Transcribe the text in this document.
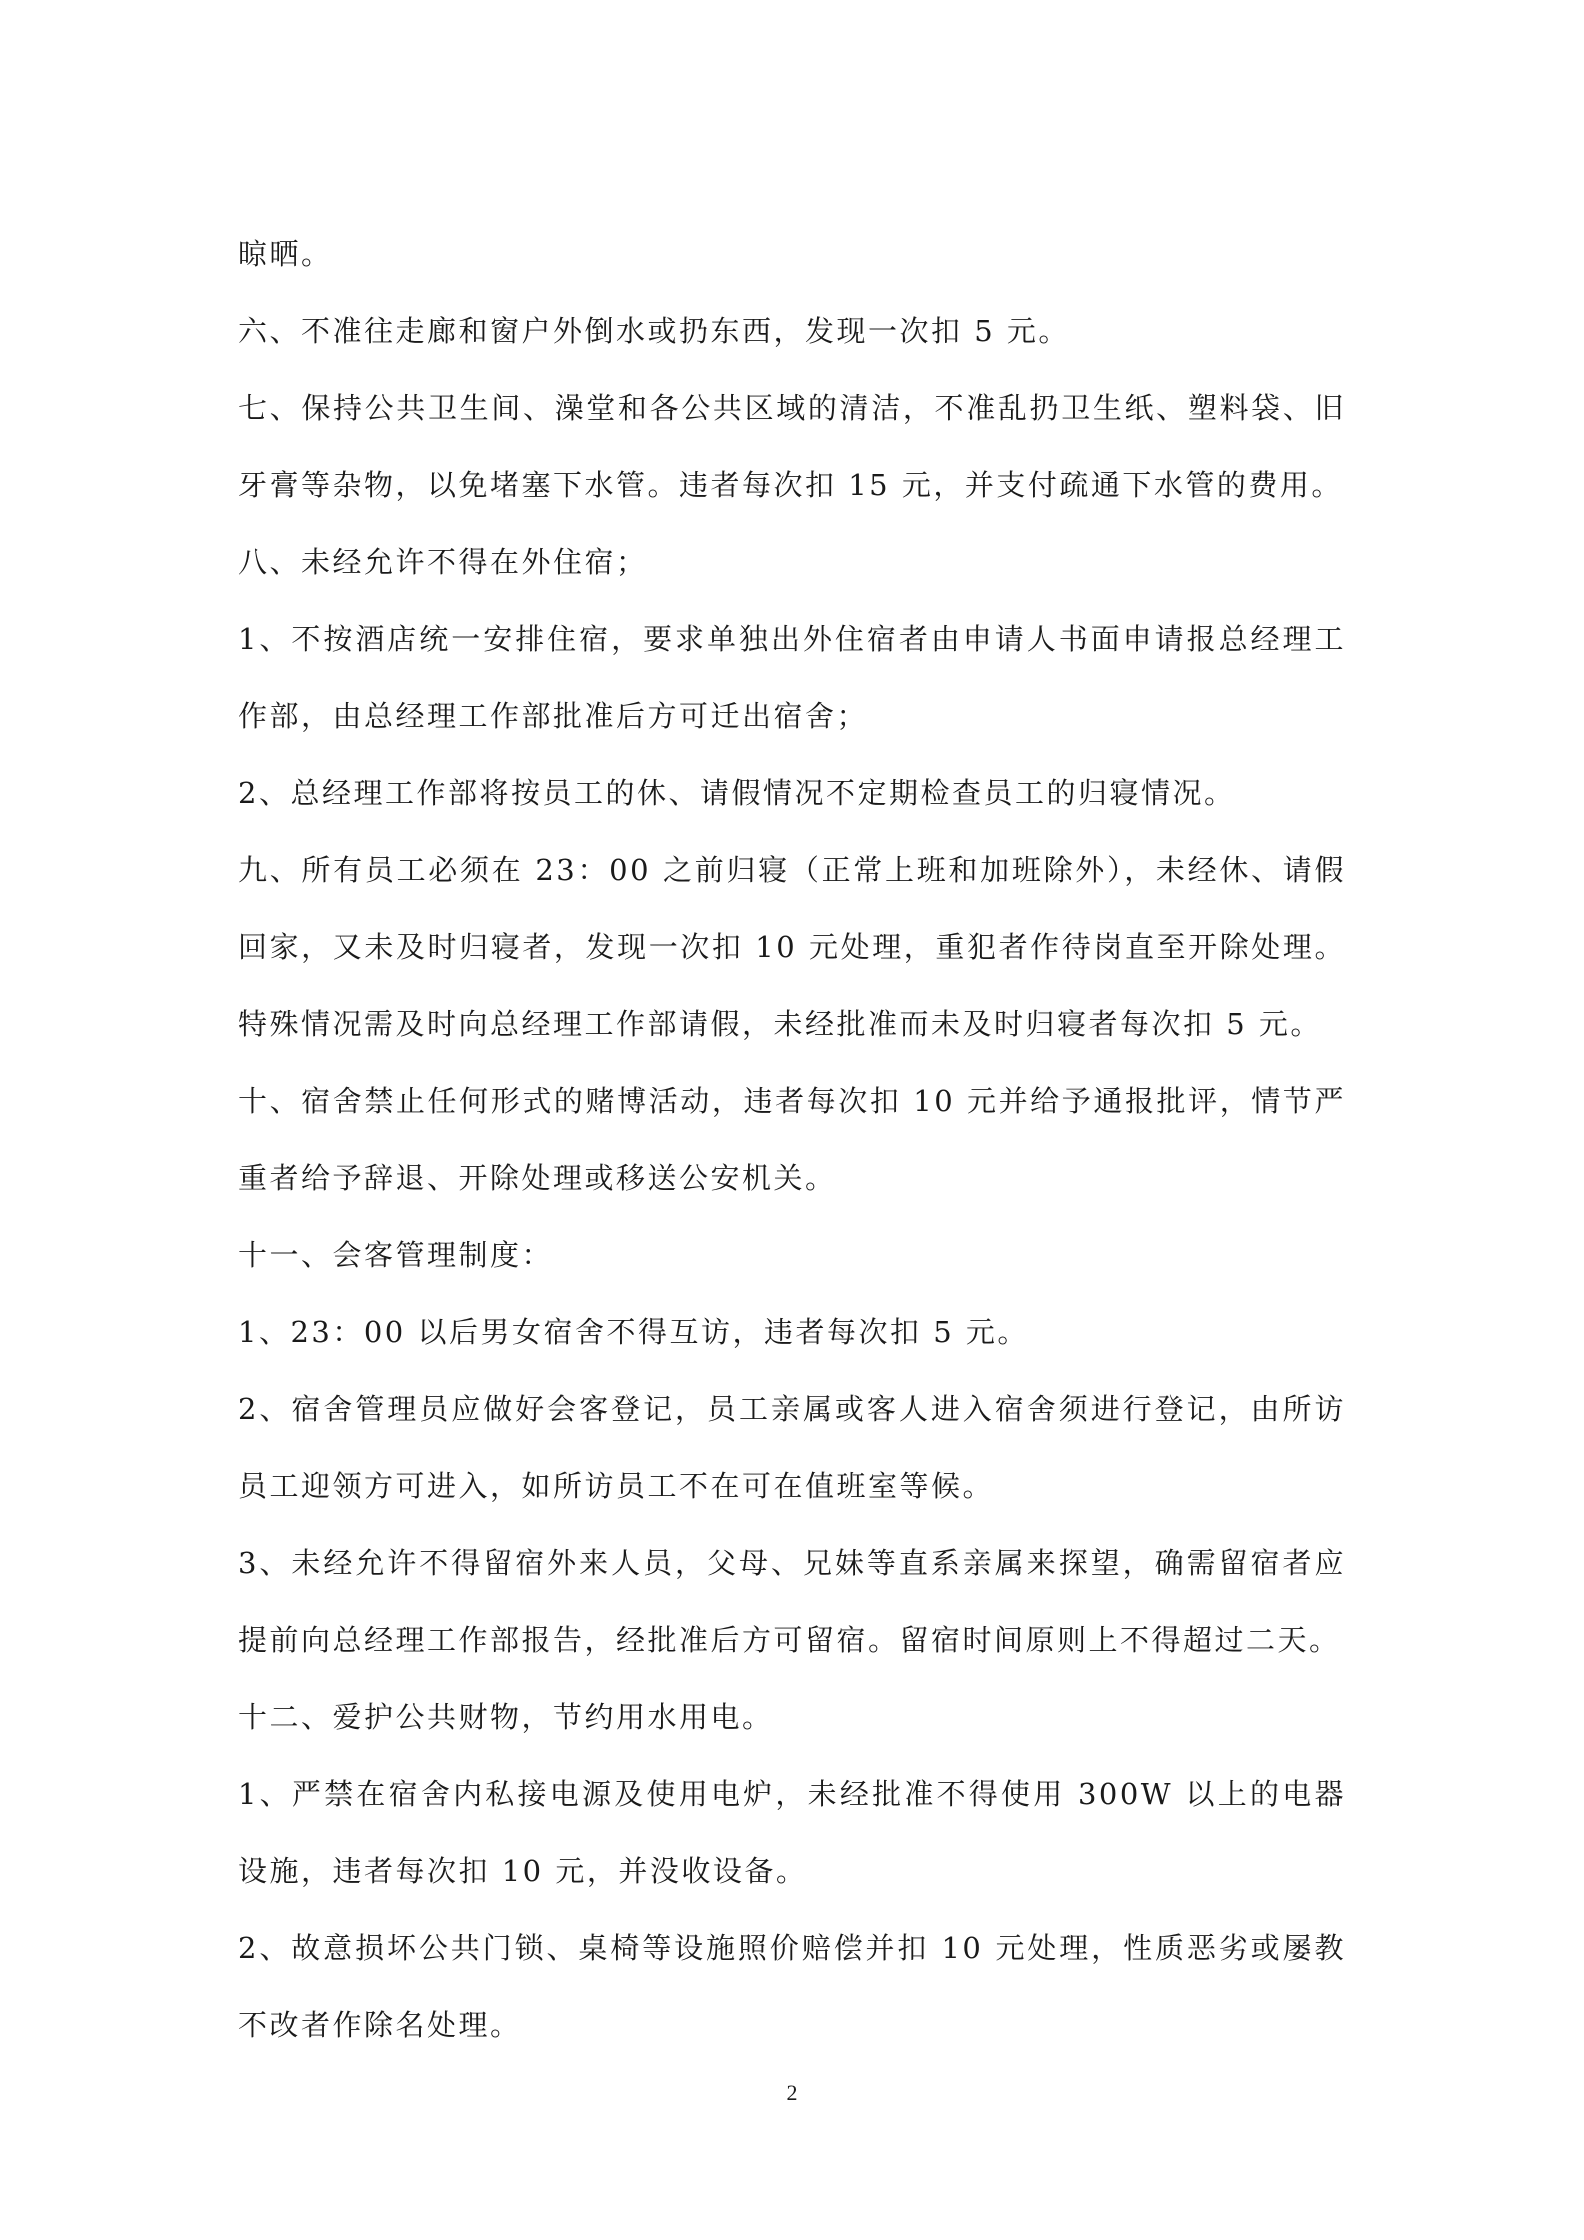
晾晒。

六、不准往走廊和窗户外倒水或扔东西，发现一次扣 5 元。

七、保持公共卫生间、澡堂和各公共区域的清洁，不准乱扔卫生纸、塑料袋、旧牙膏等杂物，以免堵塞下水管。违者每次扣 15 元，并支付疏通下水管的费用。

八、未经允许不得在外住宿；

1、不按酒店统一安排住宿，要求单独出外住宿者由申请人书面申请报总经理工作部，由总经理工作部批准后方可迁出宿舍；

2、总经理工作部将按员工的休、请假情况不定期检查员工的归寝情况。

九、所有员工必须在 23：00 之前归寝（正常上班和加班除外），未经休、请假回家，又未及时归寝者，发现一次扣 10 元处理，重犯者作待岗直至开除处理。特殊情况需及时向总经理工作部请假，未经批准而未及时归寝者每次扣 5 元。

十、宿舍禁止任何形式的赌博活动，违者每次扣 10 元并给予通报批评，情节严重者给予辞退、开除处理或移送公安机关。

十一、会客管理制度：

1、23：00 以后男女宿舍不得互访，违者每次扣 5 元。

2、宿舍管理员应做好会客登记，员工亲属或客人进入宿舍须进行登记，由所访员工迎领方可进入，如所访员工不在可在值班室等候。

3、未经允许不得留宿外来人员，父母、兄妹等直系亲属来探望，确需留宿者应提前向总经理工作部报告，经批准后方可留宿。留宿时间原则上不得超过二天。

十二、爱护公共财物，节约用水用电。

1、严禁在宿舍内私接电源及使用电炉，未经批准不得使用 300W 以上的电器设施，违者每次扣 10 元，并没收设备。

2、故意损坏公共门锁、桌椅等设施照价赔偿并扣 10 元处理，性质恶劣或屡教不改者作除名处理。

2
